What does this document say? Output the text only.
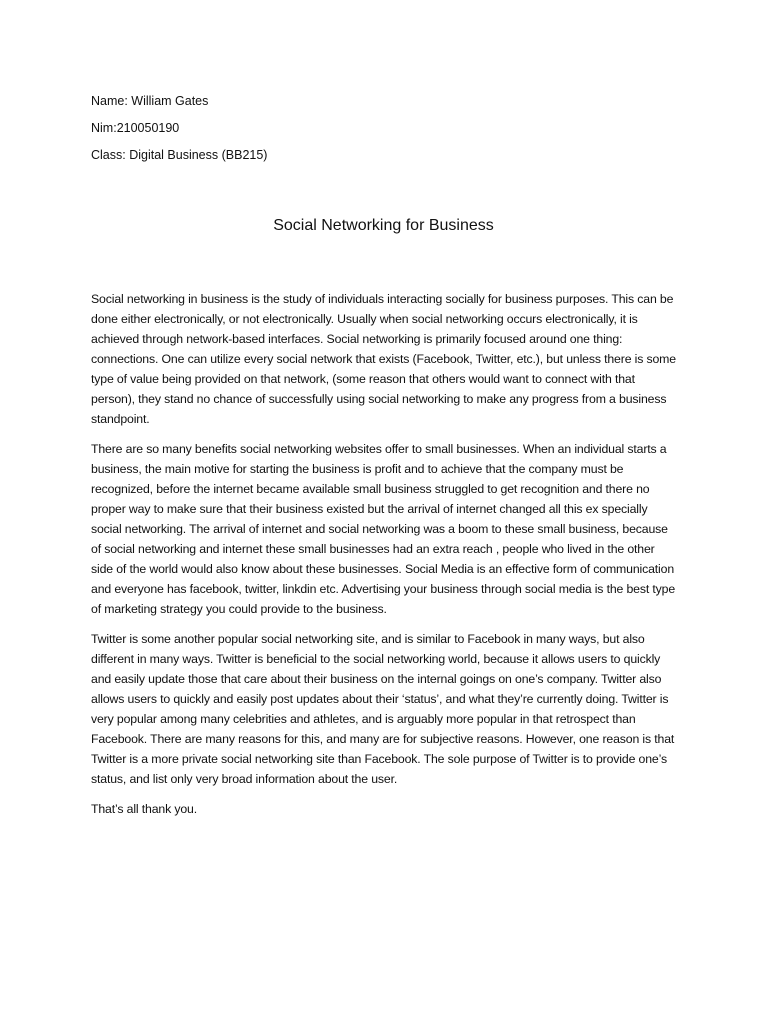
Name: William Gates

Nim:210050190

Class: Digital Business (BB215)

Social Networking for Business

Social networking in business is the study of individuals interacting socially for business purposes. This can be done either electronically, or not electronically. Usually when social networking occurs electronically, it is achieved through network-based interfaces. Social networking is primarily focused around one thing: connections. One can utilize every social network that exists (Facebook, Twitter, etc.), but unless there is some type of value being provided on that network, (some reason that others would want to connect with that person), they stand no chance of successfully using social networking to make any progress from a business standpoint.

There are so many benefits social networking websites offer to small businesses. When an individual starts a business, the main motive for starting the business is profit and to achieve that the company must be recognized, before the internet became available small business struggled to get recognition and there no proper way to make sure that their business existed but the arrival of internet changed all this ex specially social networking. The arrival of internet and social networking was a boom to these small business, because of social networking and internet these small businesses had an extra reach , people who lived in the other side of the world would also know about these businesses. Social Media is an effective form of communication and everyone has facebook, twitter, linkdin etc. Advertising your business through social media is the best type of marketing strategy you could provide to the business.

Twitter is some another popular social networking site, and is similar to Facebook in many ways, but also different in many ways. Twitter is beneficial to the social networking world, because it allows users to quickly and easily update those that care about their business on the internal goings on one’s company. Twitter also allows users to quickly and easily post updates about their ‘status’, and what they’re currently doing. Twitter is very popular among many celebrities and athletes, and is arguably more popular in that retrospect than Facebook. There are many reasons for this, and many are for subjective reasons. However, one reason is that Twitter is a more private social networking site than Facebook. The sole purpose of Twitter is to provide one’s status, and list only very broad information about the user.

That’s all thank you.
